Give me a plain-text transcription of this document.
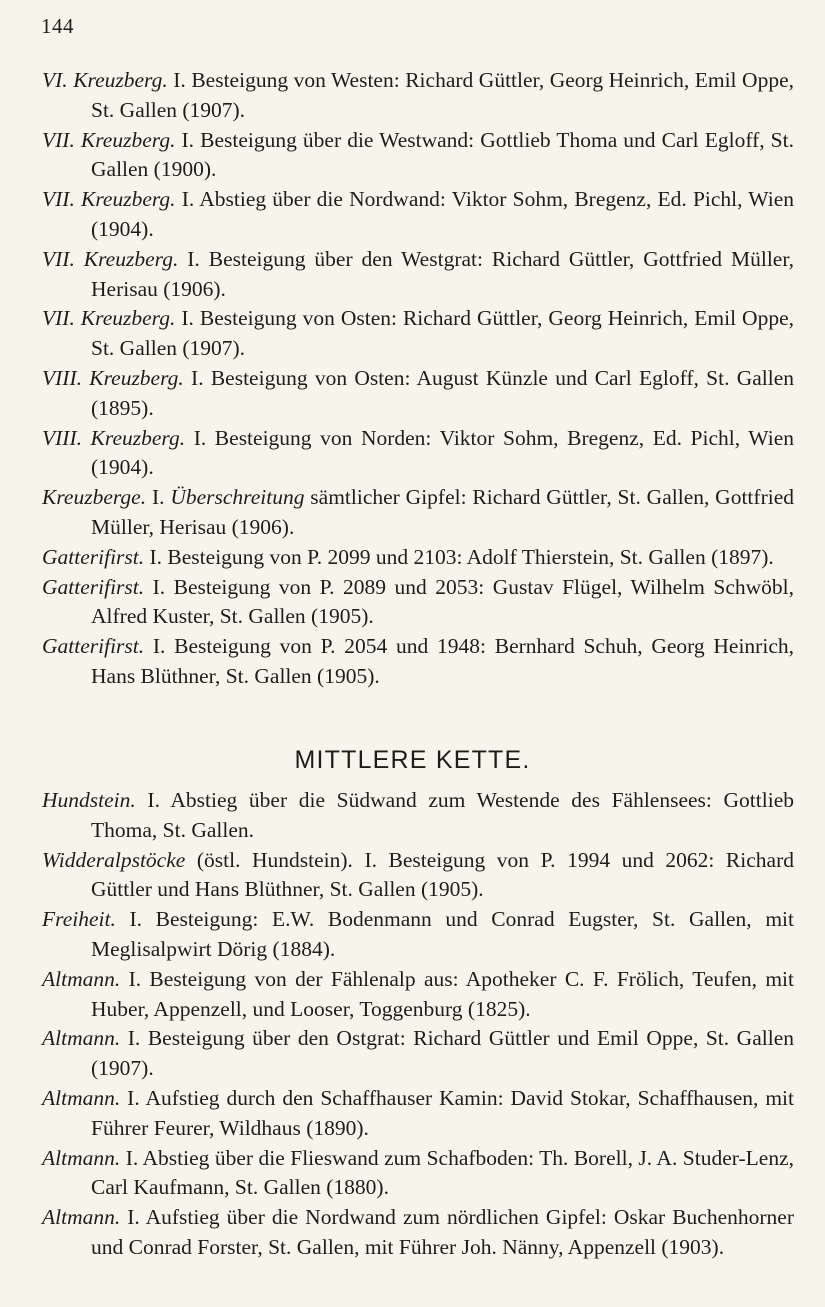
144

VI. Kreuzberg. I. Besteigung von Westen: Richard Güttler, Georg Heinrich, Emil Oppe, St. Gallen (1907).

VII. Kreuzberg. I. Besteigung über die Westwand: Gottlieb Thoma und Carl Egloff, St. Gallen (1900).

VII. Kreuzberg. I. Abstieg über die Nordwand: Viktor Sohm, Bregenz, Ed. Pichl, Wien (1904).

VII. Kreuzberg. I. Besteigung über den Westgrat: Richard Güttler, Gottfried Müller, Herisau (1906).

VII. Kreuzberg. I. Besteigung von Osten: Richard Güttler, Georg Heinrich, Emil Oppe, St. Gallen (1907).

VIII. Kreuzberg. I. Besteigung von Osten: August Künzle und Carl Egloff, St. Gallen (1895).

VIII. Kreuzberg. I. Besteigung von Norden: Viktor Sohm, Bregenz, Ed. Pichl, Wien (1904).

Kreuzberge. I. Überschreitung sämtlicher Gipfel: Richard Güttler, St. Gallen, Gottfried Müller, Herisau (1906).

Gatterifirst. I. Besteigung von P. 2099 und 2103: Adolf Thierstein, St. Gallen (1897).

Gatterifirst. I. Besteigung von P. 2089 und 2053: Gustav Flügel, Wilhelm Schwöbl, Alfred Kuster, St. Gallen (1905).

Gatterifirst. I. Besteigung von P. 2054 und 1948: Bernhard Schuh, Georg Heinrich, Hans Blüthner, St. Gallen (1905).

MITTLERE KETTE.

Hundstein. I. Abstieg über die Südwand zum Westende des Fählensees: Gottlieb Thoma, St. Gallen.

Widderalpstöcke (östl. Hundstein). I. Besteigung von P. 1994 und 2062: Richard Güttler und Hans Blüthner, St. Gallen (1905).

Freiheit. I. Besteigung: E.W. Bodenmann und Conrad Eugster, St. Gallen, mit Meglisalpwirt Dörig (1884).

Altmann. I. Besteigung von der Fählenalp aus: Apotheker C. F. Frölich, Teufen, mit Huber, Appenzell, und Looser, Toggenburg (1825).

Altmann. I. Besteigung über den Ostgrat: Richard Güttler und Emil Oppe, St. Gallen (1907).

Altmann. I. Aufstieg durch den Schaffhauser Kamin: David Stokar, Schaffhausen, mit Führer Feurer, Wildhaus (1890).

Altmann. I. Abstieg über die Flieswand zum Schafboden: Th. Borell, J. A. Studer-Lenz, Carl Kaufmann, St. Gallen (1880).

Altmann. I. Aufstieg über die Nordwand zum nördlichen Gipfel: Oskar Buchenhorner und Conrad Forster, St. Gallen, mit Führer Joh. Nänny, Appenzell (1903).
